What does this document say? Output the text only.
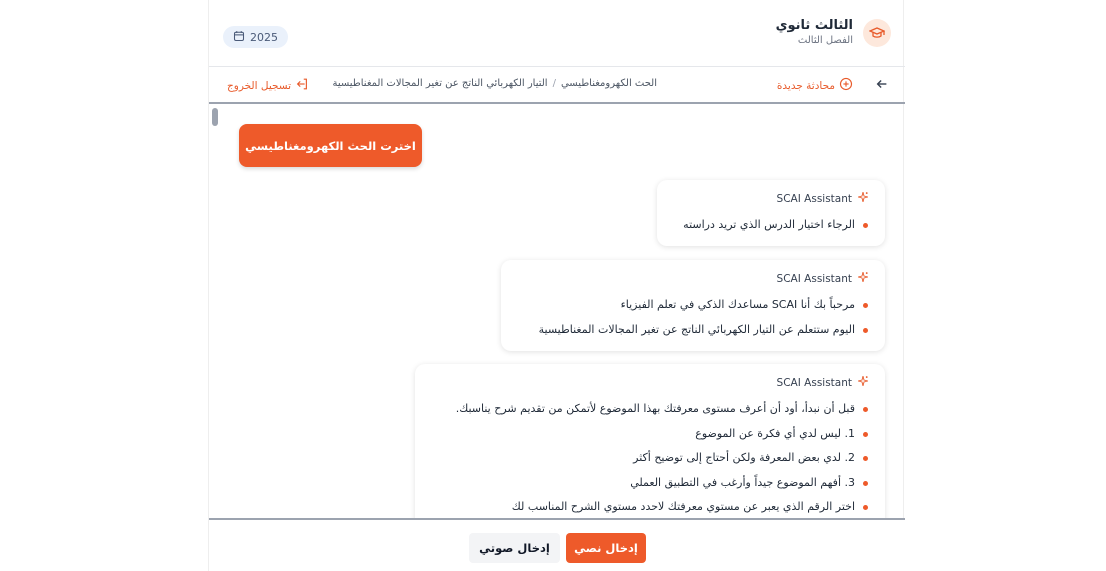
2025
الثالث ثانوي
الفصل الثالث
محادثة جديدة
الحث الكهرومغناطيسي
/
التيار الكهربائي الناتج عن تغير المجالات المغناطيسية
تسجيل الخروج
اخترت الحث الكهرومغناطيسي
SCAI Assistant
الرجاء اختيار الدرس الذي تريد دراسته
SCAI Assistant
مرحباً بك أنا SCAI مساعدك الذكي في تعلم الفيزياء
اليوم ستتعلم عن التيار الكهربائي الناتج عن تغير المجالات المغناطيسية
SCAI Assistant
قبل أن نبدأ، أود أن أعرف مستوى معرفتك بهذا الموضوع لأتمكن من تقديم شرح يناسبك.
1. ليس لدي أي فكرة عن الموضوع
2. لدي بعض المعرفة ولكن أحتاج إلى توضيح أكثر
3. أفهم الموضوع جيداً وأرغب في التطبيق العملي
اختر الرقم الذي يعبر عن مستوي معرفتك لاحدد مستوي الشرح المناسب لك
إدخال صوتي	إدخال نصي
